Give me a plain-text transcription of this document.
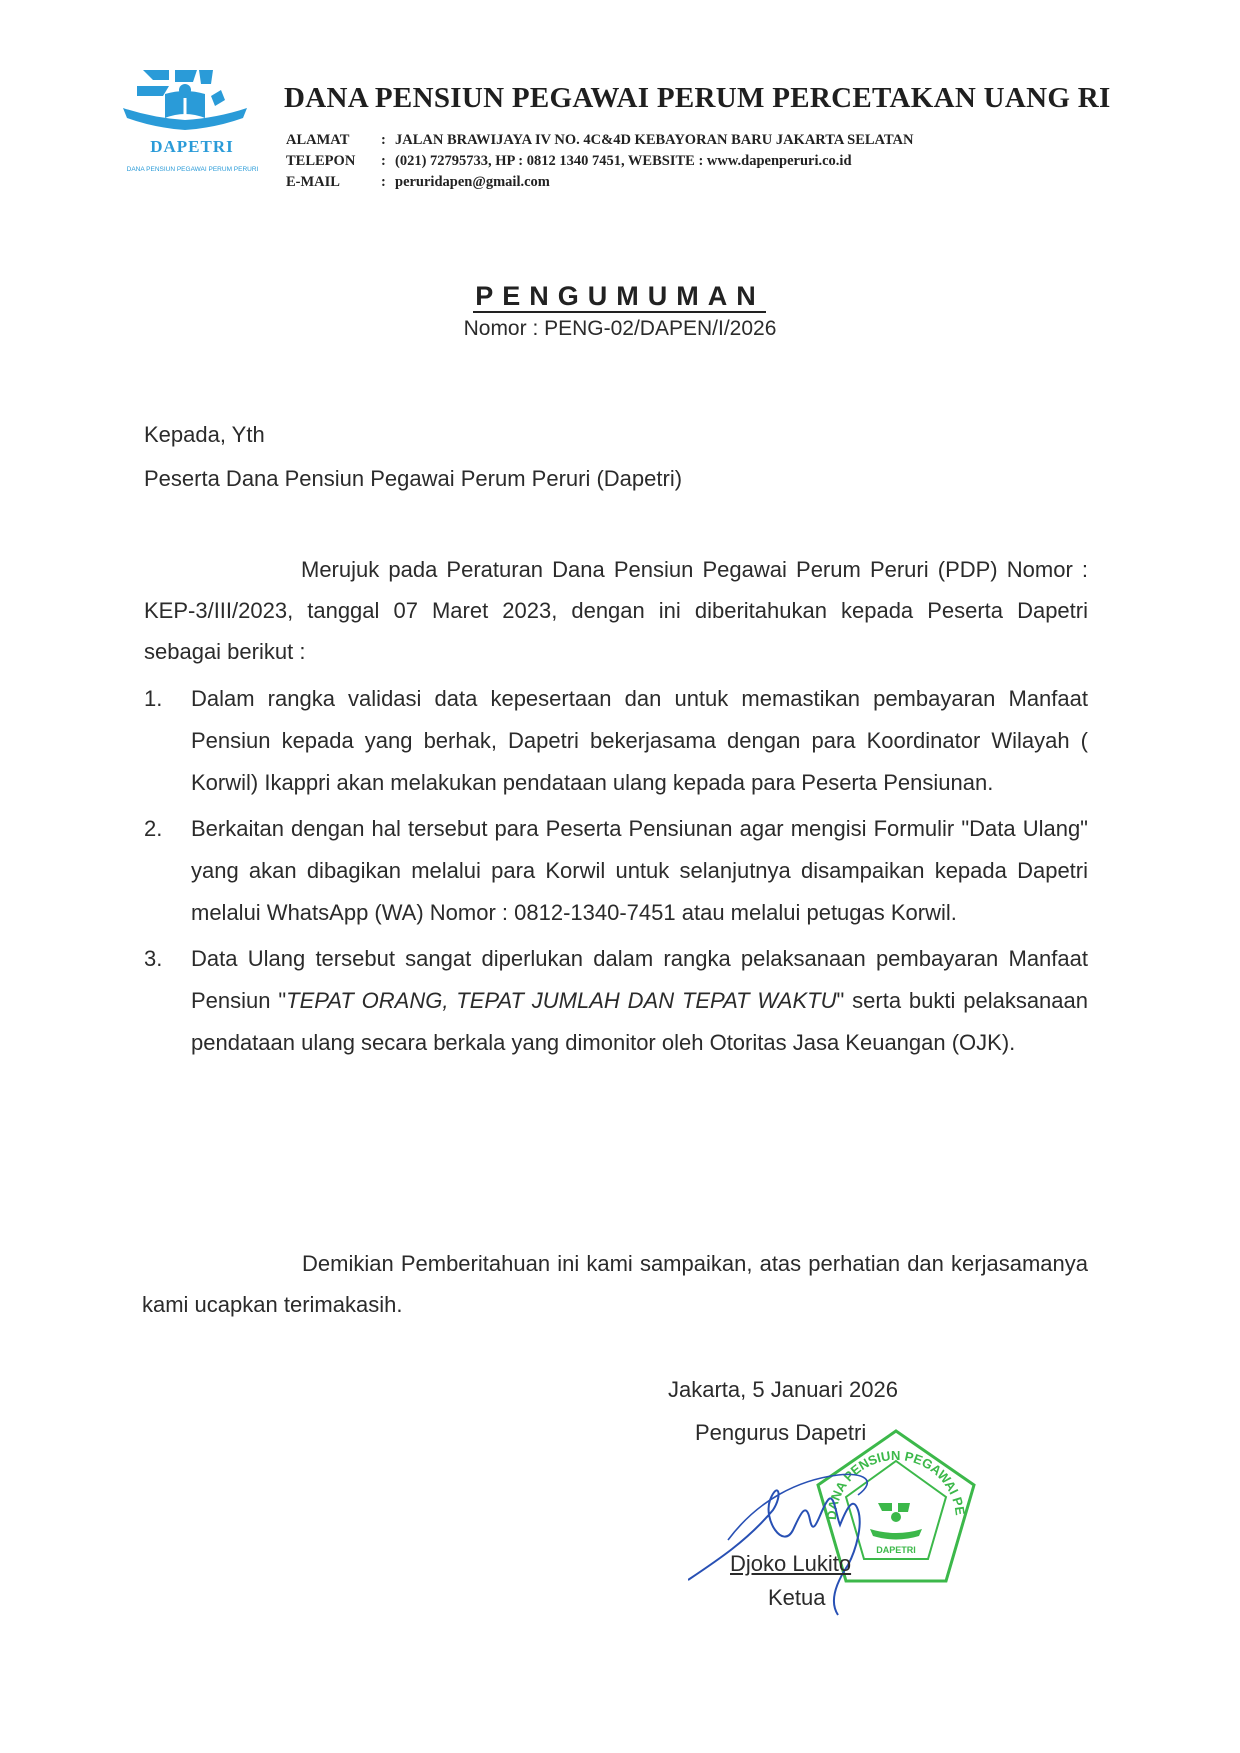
DAPETRI
DANA PENSIUN PEGAWAI PERUM PERURI
DANA PENSIUN PEGAWAI PERUM PERCETAKAN UANG RI
ALAMAT : JALAN BRAWIJAYA IV NO. 4C&4D KEBAYORAN BARU JAKARTA SELATAN
TELEPON : (021) 72795733, HP : 0812 1340 7451, WEBSITE : www.dapenperuri.co.id
E-MAIL	: peruridapen@gmail.com
PENGUMUMAN
Nomor : PENG-02/DAPEN/I/2026
Kepada, Yth
Peserta Dana Pensiun Pegawai Perum Peruri (Dapetri)
Merujuk pada Peraturan Dana Pensiun Pegawai Perum Peruri (PDP) Nomor : KEP-3/III/2023, tanggal 07 Maret 2023, dengan ini diberitahukan kepada Peserta Dapetri sebagai berikut :
1. Dalam rangka validasi data kepesertaan dan untuk memastikan pembayaran Manfaat Pensiun kepada yang berhak, Dapetri bekerjasama dengan para Koordinator Wilayah ( Korwil) Ikappri akan melakukan pendataan ulang kepada para Peserta Pensiunan.
2. Berkaitan dengan hal tersebut para Peserta Pensiunan agar mengisi Formulir "Data Ulang" yang akan dibagikan melalui para Korwil untuk selanjutnya disampaikan kepada Dapetri melalui WhatsApp (WA) Nomor : 0812-1340-7451 atau melalui petugas Korwil.
3. Data Ulang tersebut sangat diperlukan dalam rangka pelaksanaan pembayaran Manfaat Pensiun "TEPAT ORANG, TEPAT JUMLAH DAN TEPAT WAKTU" serta bukti pelaksanaan pendataan ulang secara berkala yang dimonitor oleh Otoritas Jasa Keuangan (OJK).
Demikian Pemberitahuan ini kami sampaikan, atas perhatian dan kerjasamanya kami ucapkan terimakasih.
Jakarta, 5 Januari 2026
Pengurus Dapetri
DANA PENSIUN PEGAWAI PE
DAPETRI
Djoko Lukito
Ketua
